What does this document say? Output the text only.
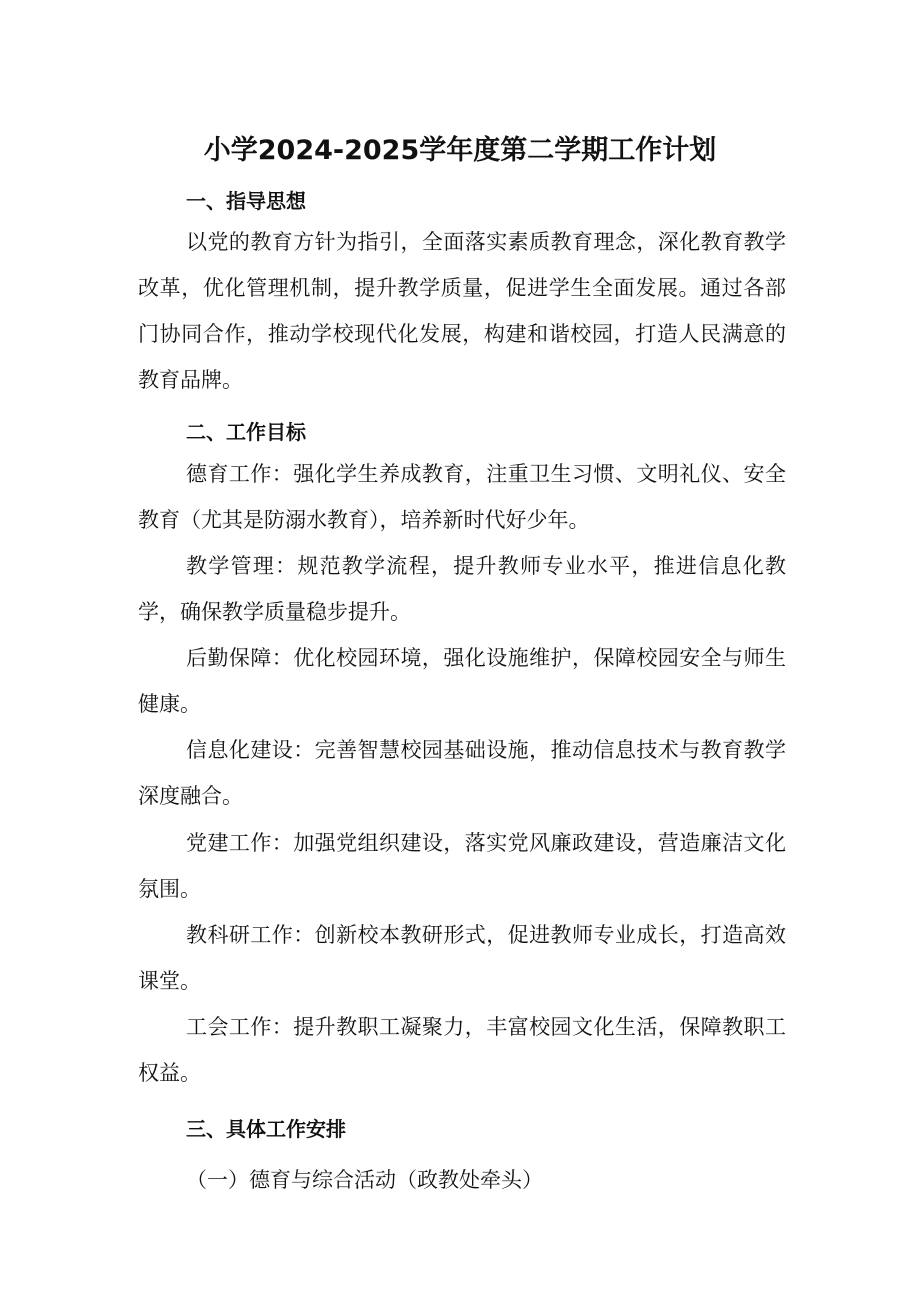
小学2024-2025学年度第二学期工作计划
一、指导思想

以党的教育方针为指引，全面落实素质教育理念，深化教育教学改革，优化管理机制，提升教学质量，促进学生全面发展。通过各部门协同合作，推动学校现代化发展，构建和谐校园，打造人民满意的教育品牌。

二、工作目标

德育工作：强化学生养成教育，注重卫生习惯、文明礼仪、安全教育（尤其是防溺水教育），培养新时代好少年。

教学管理：规范教学流程，提升教师专业水平，推进信息化教学，确保教学质量稳步提升。

后勤保障：优化校园环境，强化设施维护，保障校园安全与师生健康。

信息化建设：完善智慧校园基础设施，推动信息技术与教育教学深度融合。

党建工作：加强党组织建设，落实党风廉政建设，营造廉洁文化氛围。

教科研工作：创新校本教研形式，促进教师专业成长，打造高效课堂。

工会工作：提升教职工凝聚力，丰富校园文化生活，保障教职工权益。

三、具体工作安排
（一）德育与综合活动（政教处牵头）
